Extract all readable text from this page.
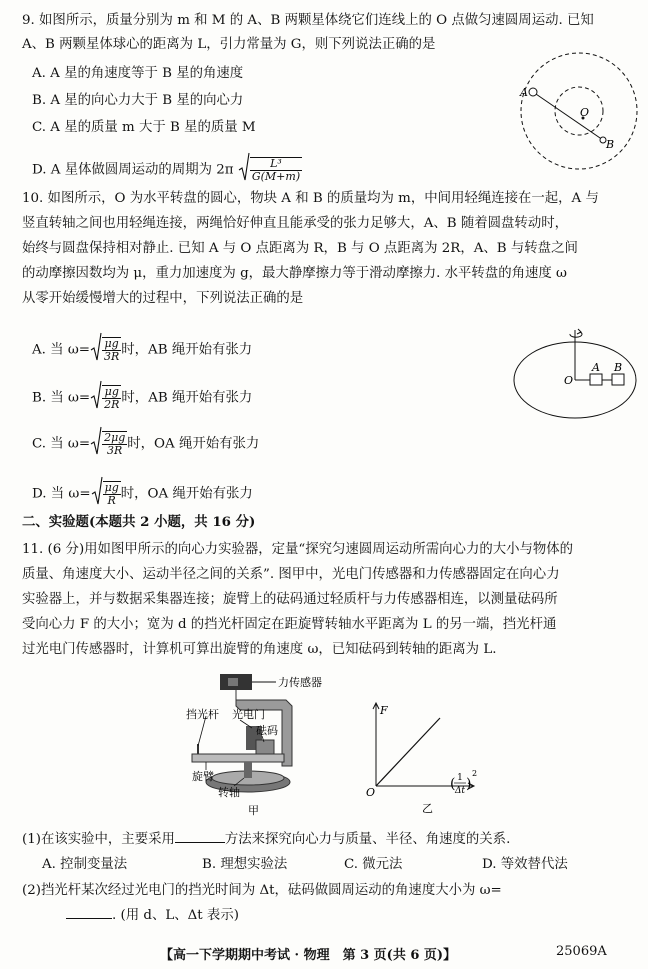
9. 如图所示，质量分别为 m 和 M 的 A、B 两颗星体绕它们连线上的 O 点做匀速圆周运动. 已知
A、B 两颗星体球心的距离为 L，引力常量为 G，则下列说法正确的是
A. A 星的角速度等于 B 星的角速度
B. A 星的向心力大于 B 星的向心力
C. A 星的质量 m 大于 B 星的质量 M
D. A 星体做圆周运动的周期为 $2\pi \frac{\text{L³}}{G(M+m)}$
A
O
B
10. 如图所示，O 为水平转盘的圆心，物块 A 和 B 的质量均为 m，中间用轻绳连接在一起，A 与
竖直转轴之间也用轻绳连接，两绳恰好伸直且能承受的张力足够大，A、B 随着圆盘转动时，
始终与圆盘保持相对静止. 已知 A 与 O 点距离为 R，B 与 O 点距离为 2R，A、B 与转盘之间
的动摩擦因数均为 μ，重力加速度为 g，最大静摩擦力等于滑动摩擦力. 水平转盘的角速度 ω
从零开始缓慢增大的过程中，下列说法正确的是
A. 当 $\omega= \frac{\mu g}{3R}$ 时，AB 绳开始有张力
B. 当 $\omega= \frac{\mu g}{2R}$ 时，AB 绳开始有张力
C. 当 $\omega= \frac{2\mu g}{3R}$ 时，OA 绳开始有张力
D. 当 $\omega= \frac{\mu g}{R}$ 时，OA 绳开始有张力
O
A B
二、实验题(本题共 2 小题，共 16 分)
11. (6 分)用如图甲所示的向心力实验器，定量“探究匀速圆周运动所需向心力的大小与物体的
质量、角速度大小、运动半径之间的关系”. 图甲中，光电门传感器和力传感器固定在向心力
实验器上，并与数据采集器连接；旋臂上的砝码通过轻质杆与力传感器相连，以测量砝码所
受向心力 F 的大小；宽为 d 的挡光杆固定在距旋臂转轴水平距离为 L 的另一端，挡光杆通
过光电门传感器时，计算机可算出旋臂的角速度 ω，已知砝码到转轴的距离为 L.
力传感器
挡光杆 光电门
砝码
旋臂
转轴
甲
F
O
1
Δt
( )
2
乙
(1)在该实验中，主要采用	方法来探究向心力与质量、半径、角速度的关系.
A. 控制变量法	B. 理想实验法	C. 微元法	D. 等效替代法
(2)挡光杆某次经过光电门的挡光时间为 Δt，砝码做圆周运动的角速度大小为 ω=
. (用 d、L、Δt 表示)
【高一下学期期中考试 · 物理　第 3 页(共 6 页)】	25069A
